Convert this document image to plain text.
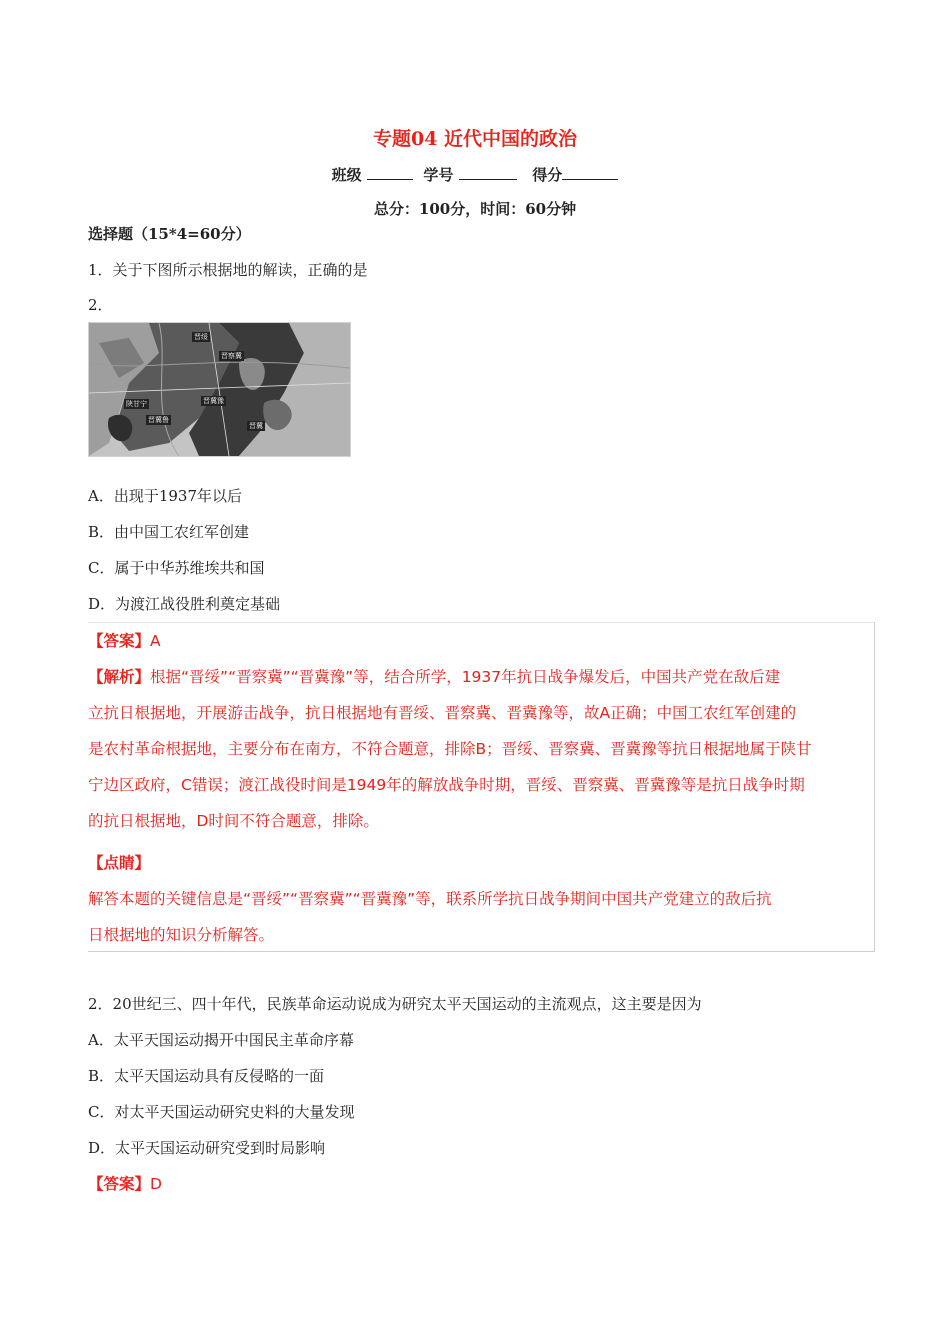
专题04 近代中国的政治
班级	学号	得分
总分：100分，时间：60分钟
选择题（15*4=60分）
1．关于下图所示根据地的解读，正确的是
2．
晋绥
晋察冀
陕甘宁
晋冀鲁
晋冀豫
晋冀
A．出现于1937年以后
B．由中国工农红军创建
C．属于中华苏维埃共和国
D．为渡江战役胜利奠定基础
【答案】A
【解析】根据“晋绥”“晋察冀”“晋冀豫”等，结合所学，1937年抗日战争爆发后，中国共产党在敌后建
立抗日根据地，开展游击战争，抗日根据地有晋绥、晋察冀、晋冀豫等，故A正确；中国工农红军创建的
是农村革命根据地，主要分布在南方，不符合题意，排除B；晋绥、晋察冀、晋冀豫等抗日根据地属于陕甘
宁边区政府，C错误；渡江战役时间是1949年的解放战争时期，晋绥、晋察冀、晋冀豫等是抗日战争时期
的抗日根据地，D时间不符合题意，排除。
【点睛】
解答本题的关键信息是“晋绥”“晋察冀”“晋冀豫”等，联系所学抗日战争期间中国共产党建立的敌后抗
日根据地的知识分析解答。
2．20世纪三、四十年代，民族革命运动说成为研究太平天国运动的主流观点，这主要是因为
A．太平天国运动揭开中国民主革命序幕
B．太平天国运动具有反侵略的一面
C．对太平天国运动研究史料的大量发现
D．太平天国运动研究受到时局影响
【答案】D
